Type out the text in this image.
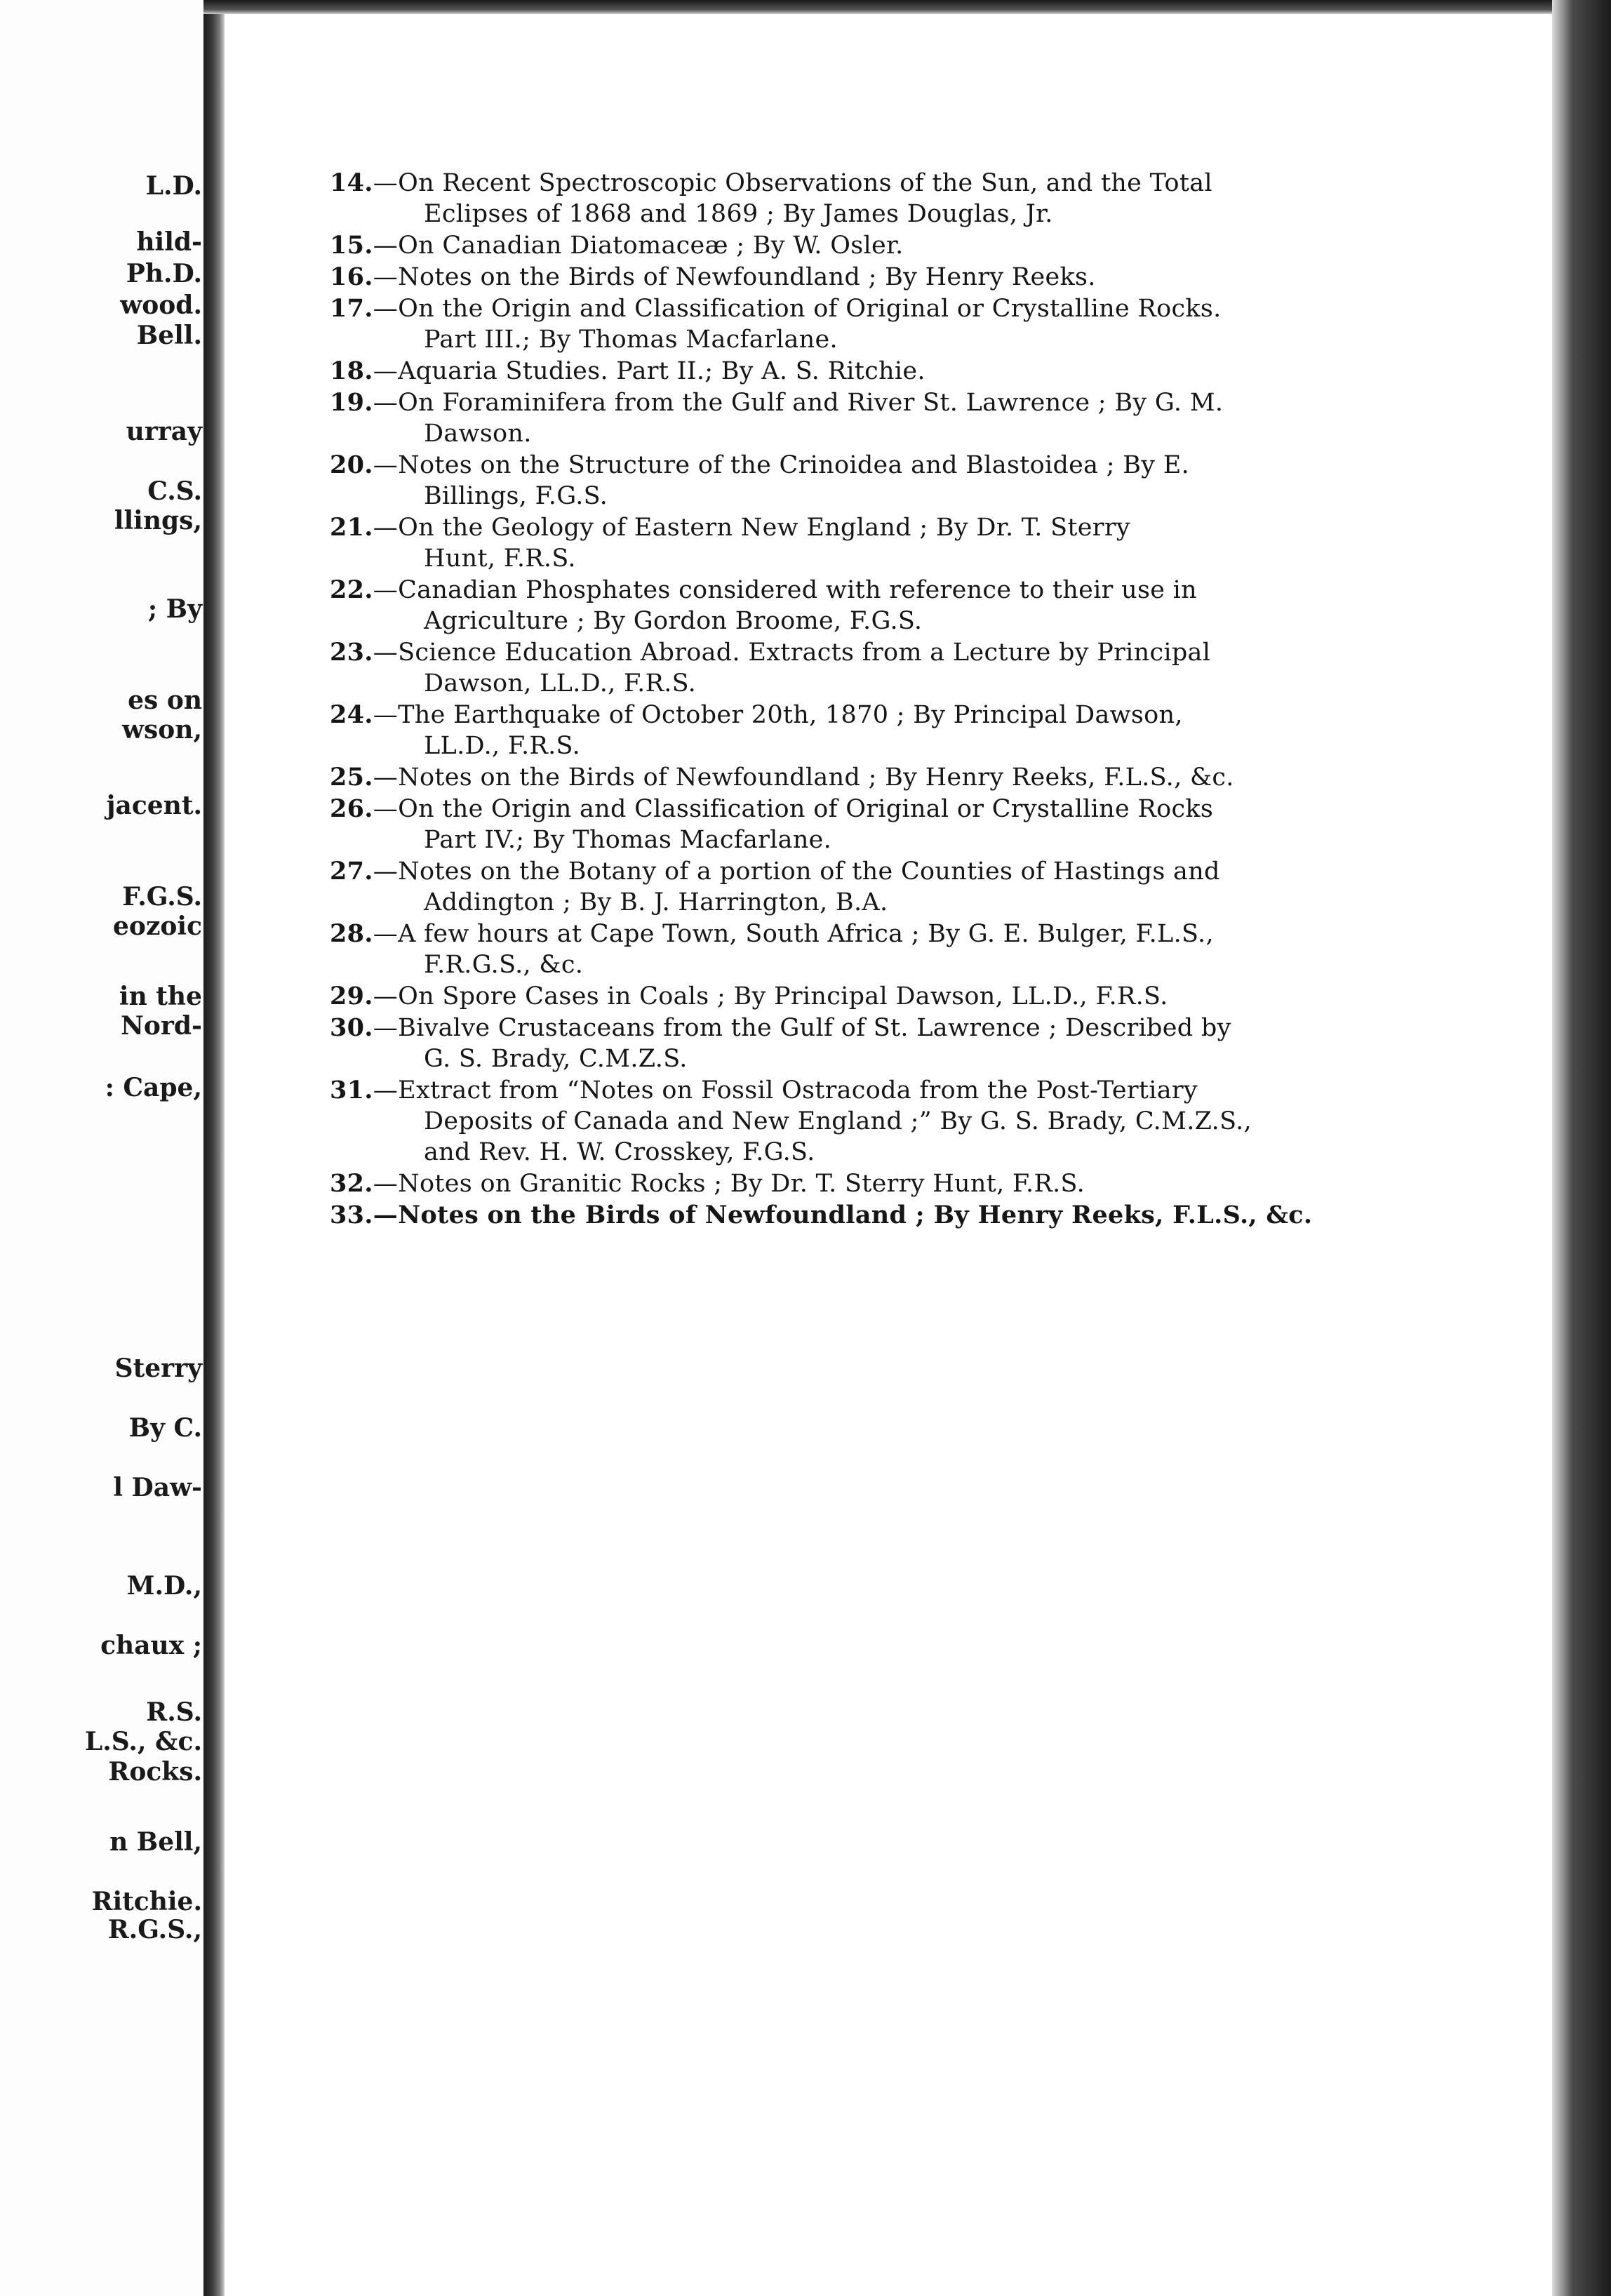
L.D.
hild-
Ph.D.
wood.
Bell.
urray
C.S.
llings,
; By
es on
wson,
jacent.
F.G.S.
eozoic
in the
Nord-
: Cape,
Sterry
By C.
l Daw-
M.D.,
chaux ;
R.S.
L.S., &c.
Rocks.
n Bell,
Ritchie.
R.G.S.,
14.—On Recent Spectroscopic Observations of the Sun, and the Total
Eclipses of 1868 and 1869 ; By James Douglas, Jr.
15.—On Canadian Diatomaceæ ; By W. Osler.
16.—Notes on the Birds of Newfoundland ; By Henry Reeks.
17.—On the Origin and Classification of Original or Crystalline Rocks.
Part III.; By Thomas Macfarlane.
18.—Aquaria Studies. Part II.; By A. S. Ritchie.
19.—On Foraminifera from the Gulf and River St. Lawrence ; By G. M.
Dawson.
20.—Notes on the Structure of the Crinoidea and Blastoidea ; By E.
Billings, F.G.S.
21.—On the Geology of Eastern New England ; By Dr. T. Sterry
Hunt, F.R.S.
22.—Canadian Phosphates considered with reference to their use in
Agriculture ; By Gordon Broome, F.G.S.
23.—Science Education Abroad. Extracts from a Lecture by Principal
Dawson, LL.D., F.R.S.
24.—The Earthquake of October 20th, 1870 ; By Principal Dawson,
LL.D., F.R.S.
25.—Notes on the Birds of Newfoundland ; By Henry Reeks, F.L.S., &c.
26.—On the Origin and Classification of Original or Crystalline Rocks
Part IV.; By Thomas Macfarlane.
27.—Notes on the Botany of a portion of the Counties of Hastings and
Addington ; By B. J. Harrington, B.A.
28.—A few hours at Cape Town, South Africa ; By G. E. Bulger, F.L.S.,
F.R.G.S., &c.
29.—On Spore Cases in Coals ; By Principal Dawson, LL.D., F.R.S.
30.—Bivalve Crustaceans from the Gulf of St. Lawrence ; Described by
G. S. Brady, C.M.Z.S.
31.—Extract from “Notes on Fossil Ostracoda from the Post-Tertiary
Deposits of Canada and New England ;” By G. S. Brady, C.M.Z.S.,
and Rev. H. W. Crosskey, F.G.S.
32.—Notes on Granitic Rocks ; By Dr. T. Sterry Hunt, F.R.S.
33.—Notes on the Birds of Newfoundland ; By Henry Reeks, F.L.S., &c.
